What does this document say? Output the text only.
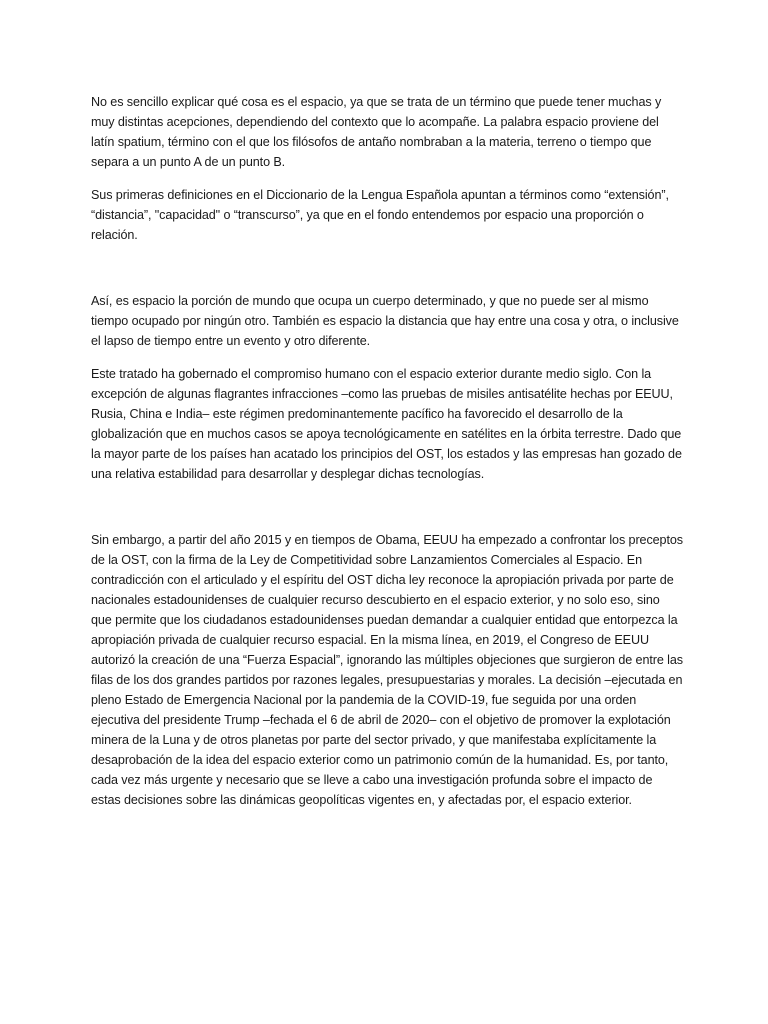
No es sencillo explicar qué cosa es el espacio, ya que se trata de un término que puede tener muchas y muy distintas acepciones, dependiendo del contexto que lo acompañe. La palabra espacio proviene del latín spatium, término con el que los filósofos de antaño nombraban a la materia, terreno o tiempo que separa a un punto A de un punto B.

Sus primeras definiciones en el Diccionario de la Lengua Española apuntan a términos como “extensión”, “distancia”, "capacidad" o “transcurso”, ya que en el fondo entendemos por espacio una proporción o relación.

Así, es espacio la porción de mundo que ocupa un cuerpo determinado, y que no puede ser al mismo tiempo ocupado por ningún otro. También es espacio la distancia que hay entre una cosa y otra, o inclusive el lapso de tiempo entre un evento y otro diferente.

Este tratado ha gobernado el compromiso humano con el espacio exterior durante medio siglo. Con la excepción de algunas flagrantes infracciones –como las pruebas de misiles antisatélite hechas por EEUU, Rusia, China e India– este régimen predominantemente pacífico ha favorecido el desarrollo de la globalización que en muchos casos se apoya tecnológicamente en satélites en la órbita terrestre. Dado que la mayor parte de los países han acatado los principios del OST, los estados y las empresas han gozado de una relativa estabilidad para desarrollar y desplegar dichas tecnologías.

Sin embargo, a partir del año 2015 y en tiempos de Obama, EEUU ha empezado a confrontar los preceptos de la OST, con la firma de la Ley de Competitividad sobre Lanzamientos Comerciales al Espacio. En contradicción con el articulado y el espíritu del OST dicha ley reconoce la apropiación privada por parte de nacionales estadounidenses de cualquier recurso descubierto en el espacio exterior, y no solo eso, sino que permite que los ciudadanos estadounidenses puedan demandar a cualquier entidad que entorpezca la apropiación privada de cualquier recurso espacial. En la misma línea, en 2019, el Congreso de EEUU autorizó la creación de una “Fuerza Espacial”, ignorando las múltiples objeciones que surgieron de entre las filas de los dos grandes partidos por razones legales, presupuestarias y morales. La decisión –ejecutada en pleno Estado de Emergencia Nacional por la pandemia de la COVID-19, fue seguida por una orden ejecutiva del presidente Trump –fechada el 6 de abril de 2020– con el objetivo de promover la explotación minera de la Luna y de otros planetas por parte del sector privado, y que manifestaba explícitamente la desaprobación de la idea del espacio exterior como un patrimonio común de la humanidad. Es, por tanto, cada vez más urgente y necesario que se lleve a cabo una investigación profunda sobre el impacto de estas decisiones sobre las dinámicas geopolíticas vigentes en, y afectadas por, el espacio exterior.
